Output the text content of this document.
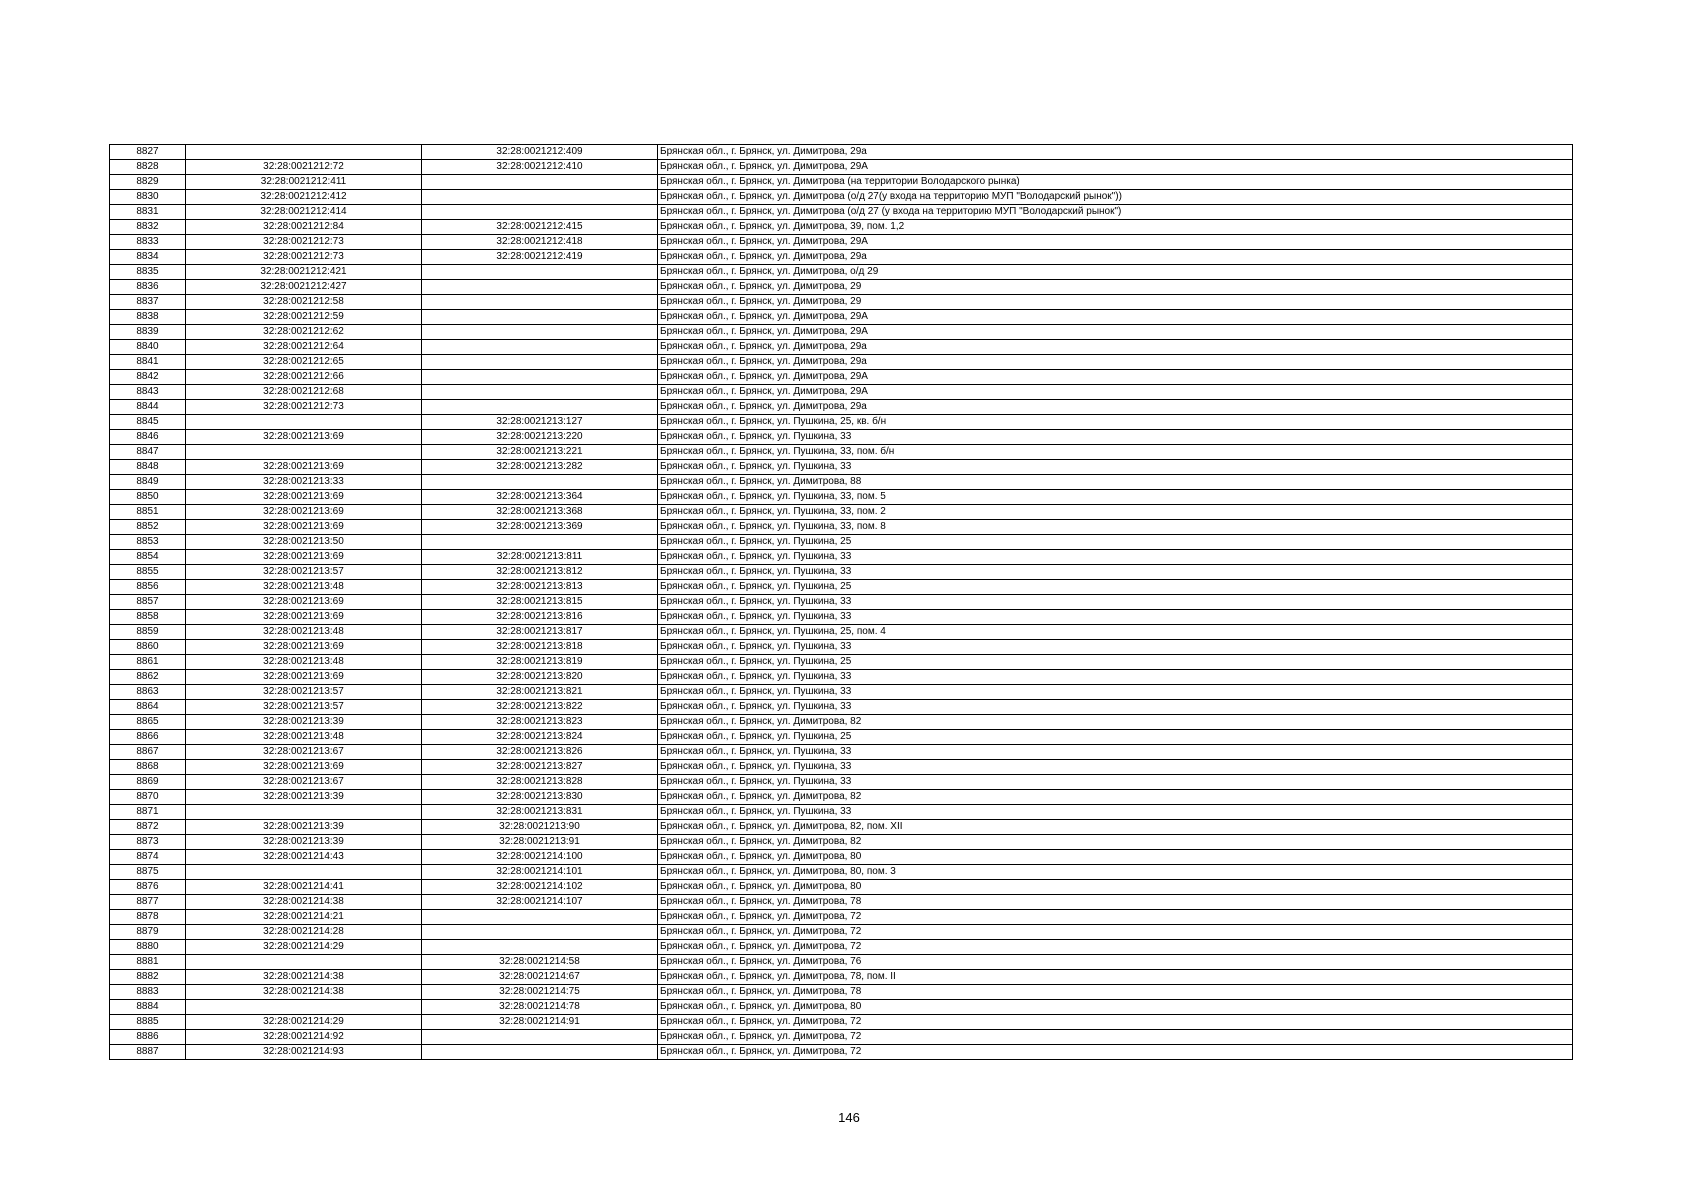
8827		32:28:0021212:409	Брянская обл., г. Брянск, ул. Димитрова, 29а
8828	32:28:0021212:72	32:28:0021212:410	Брянская обл., г. Брянск, ул. Димитрова, 29А
8829	32:28:0021212:411		Брянская обл., г. Брянск, ул. Димитрова (на территории Володарского рынка)
8830	32:28:0021212:412		Брянская обл., г. Брянск, ул. Димитрова (о/д 27(у входа на территорию МУП "Володарский рынок"))
8831	32:28:0021212:414		Брянская обл., г. Брянск, ул. Димитрова (о/д 27 (у входа на территорию МУП "Володарский рынок")
8832	32:28:0021212:84	32:28:0021212:415	Брянская обл., г. Брянск, ул. Димитрова, 39, пом. 1,2
8833	32:28:0021212:73	32:28:0021212:418	Брянская обл., г. Брянск, ул. Димитрова, 29А
8834	32:28:0021212:73	32:28:0021212:419	Брянская обл., г. Брянск, ул. Димитрова, 29а
8835	32:28:0021212:421		Брянская обл., г. Брянск, ул. Димитрова, о/д 29
8836	32:28:0021212:427		Брянская обл., г. Брянск, ул. Димитрова, 29
8837	32:28:0021212:58		Брянская обл., г. Брянск, ул. Димитрова, 29
8838	32:28:0021212:59		Брянская обл., г. Брянск, ул. Димитрова, 29А
8839	32:28:0021212:62		Брянская обл., г. Брянск, ул. Димитрова, 29А
8840	32:28:0021212:64		Брянская обл., г. Брянск, ул. Димитрова, 29а
8841	32:28:0021212:65		Брянская обл., г. Брянск, ул. Димитрова, 29а
8842	32:28:0021212:66		Брянская обл., г. Брянск, ул. Димитрова, 29А
8843	32:28:0021212:68		Брянская обл., г. Брянск, ул. Димитрова, 29А
8844	32:28:0021212:73		Брянская обл., г. Брянск, ул. Димитрова, 29а
8845		32:28:0021213:127	Брянская обл., г. Брянск, ул. Пушкина, 25, кв. б/н
8846	32:28:0021213:69	32:28:0021213:220	Брянская обл., г. Брянск, ул. Пушкина, 33
8847		32:28:0021213:221	Брянская обл., г. Брянск, ул. Пушкина, 33, пом. б/н
8848	32:28:0021213:69	32:28:0021213:282	Брянская обл., г. Брянск, ул. Пушкина, 33
8849	32:28:0021213:33		Брянская обл., г. Брянск, ул. Димитрова, 88
8850	32:28:0021213:69	32:28:0021213:364	Брянская обл., г. Брянск, ул. Пушкина, 33, пом. 5
8851	32:28:0021213:69	32:28:0021213:368	Брянская обл., г. Брянск, ул. Пушкина, 33, пом. 2
8852	32:28:0021213:69	32:28:0021213:369	Брянская обл., г. Брянск, ул. Пушкина, 33, пом. 8
8853	32:28:0021213:50		Брянская обл., г. Брянск, ул. Пушкина, 25
8854	32:28:0021213:69	32:28:0021213:811	Брянская обл., г. Брянск, ул. Пушкина, 33
8855	32:28:0021213:57	32:28:0021213:812	Брянская обл., г. Брянск, ул. Пушкина, 33
8856	32:28:0021213:48	32:28:0021213:813	Брянская обл., г. Брянск, ул. Пушкина, 25
8857	32:28:0021213:69	32:28:0021213:815	Брянская обл., г. Брянск, ул. Пушкина, 33
8858	32:28:0021213:69	32:28:0021213:816	Брянская обл., г. Брянск, ул. Пушкина, 33
8859	32:28:0021213:48	32:28:0021213:817	Брянская обл., г. Брянск, ул. Пушкина, 25, пом. 4
8860	32:28:0021213:69	32:28:0021213:818	Брянская обл., г. Брянск, ул. Пушкина, 33
8861	32:28:0021213:48	32:28:0021213:819	Брянская обл., г. Брянск, ул. Пушкина, 25
8862	32:28:0021213:69	32:28:0021213:820	Брянская обл., г. Брянск, ул. Пушкина, 33
8863	32:28:0021213:57	32:28:0021213:821	Брянская обл., г. Брянск, ул. Пушкина, 33
8864	32:28:0021213:57	32:28:0021213:822	Брянская обл., г. Брянск, ул. Пушкина, 33
8865	32:28:0021213:39	32:28:0021213:823	Брянская обл., г. Брянск, ул. Димитрова, 82
8866	32:28:0021213:48	32:28:0021213:824	Брянская обл., г. Брянск, ул. Пушкина, 25
8867	32:28:0021213:67	32:28:0021213:826	Брянская обл., г. Брянск, ул. Пушкина, 33
8868	32:28:0021213:69	32:28:0021213:827	Брянская обл., г. Брянск, ул. Пушкина, 33
8869	32:28:0021213:67	32:28:0021213:828	Брянская обл., г. Брянск, ул. Пушкина, 33
8870	32:28:0021213:39	32:28:0021213:830	Брянская обл., г. Брянск, ул. Димитрова, 82
8871		32:28:0021213:831	Брянская обл., г. Брянск, ул. Пушкина, 33
8872	32:28:0021213:39	32:28:0021213:90	Брянская обл., г. Брянск, ул. Димитрова, 82, пом. XII
8873	32:28:0021213:39	32:28:0021213:91	Брянская обл., г. Брянск, ул. Димитрова, 82
8874	32:28:0021214:43	32:28:0021214:100	Брянская обл., г. Брянск, ул. Димитрова, 80
8875		32:28:0021214:101	Брянская обл., г. Брянск, ул. Димитрова, 80, пом. 3
8876	32:28:0021214:41	32:28:0021214:102	Брянская обл., г. Брянск, ул. Димитрова, 80
8877	32:28:0021214:38	32:28:0021214:107	Брянская обл., г. Брянск, ул. Димитрова, 78
8878	32:28:0021214:21		Брянская обл., г. Брянск, ул. Димитрова, 72
8879	32:28:0021214:28		Брянская обл., г. Брянск, ул. Димитрова, 72
8880	32:28:0021214:29		Брянская обл., г. Брянск, ул. Димитрова, 72
8881		32:28:0021214:58	Брянская обл., г. Брянск, ул. Димитрова, 76
8882	32:28:0021214:38	32:28:0021214:67	Брянская обл., г. Брянск, ул. Димитрова, 78, пом. II
8883	32:28:0021214:38	32:28:0021214:75	Брянская обл., г. Брянск, ул. Димитрова, 78
8884		32:28:0021214:78	Брянская обл., г. Брянск, ул. Димитрова, 80
8885	32:28:0021214:29	32:28:0021214:91	Брянская обл., г. Брянск, ул. Димитрова, 72
8886	32:28:0021214:92		Брянская обл., г. Брянск, ул. Димитрова, 72
8887	32:28:0021214:93		Брянская обл., г. Брянск, ул. Димитрова, 72
146
